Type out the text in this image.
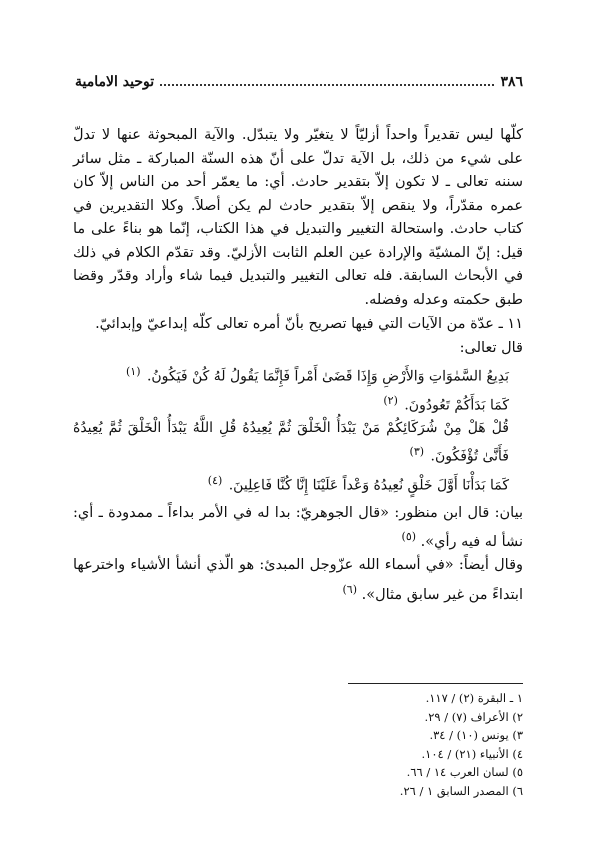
٣٨٦
توحيد الامامية

كلّها ليس تقديراً واحداً أزليّاً لا يتغيّر ولا يتبدّل. والآية المبحوثة عنها لا تدلّ على شيء من ذلك، بل الآية تدلّ على أنّ هذه السنّة المباركة ـ مثل سائر سننه تعالى ـ لا تكون إلاّ بتقدير حادث. أي: ما يعمّر أحد من الناس إلاّ كان عمره مقدّراً، ولا ينقص إلاّ بتقدير حادث لم يكن أصلاً. وكلا التقديرين في كتاب حادث. واستحالة التغيير والتبديل في هذا الكتاب، إنّما هو بناءً على ما قيل: إنّ المشيّة والإرادة عين العلم الثابت الأزليّ. وقد تقدّم الكلام في ذلك في الأبحاث السابقة. فله تعالى التغيير والتبديل فيما شاء وأراد وقدّر وقضا طبق حكمته وعدله وفضله.

١١ ـ عدّة من الآيات التي فيها تصريح بأنّ أمره تعالى كلّه إبداعيّ وإبدائيّ.

قال تعالى:

بَدِيعُ السَّمٰوَاتِ وَالأَرْضِ وَإِذَا قَضَىٰ أَمْراً فَإِنَّمَا يَقُولُ لَهُ كُنْ فَيَكُونُ. $^{(١)}$

كَمَا بَدَأَكُمْ تَعُودُونَ. $^{(٢)}$

قُلْ هَلْ مِنْ شُرَكَائِكُمْ مَنْ يَبْدَأُ الْخَلْقَ ثُمَّ يُعِيدُهُ قُلِ اللَّهُ يَبْدَأُ الْخَلْقَ ثُمَّ يُعِيدُهُ فَأَنَّىٰ تُؤْفَكُونَ. $^{(٣)}$

كَمَا بَدَأْنَا أَوَّلَ خَلْقٍ نُعِيدُهُ وَعْداً عَلَيْنَا إِنَّا كُنَّا فَاعِلِينَ. $^{(٤)}$

بيان: قال ابن منظور: «قال الجوهريّ: بدا له في الأمر بداءاً ـ ممدودة ـ أي: نشأ له فيه رأي». $^{(٥)}$

وقال أيضاً: «في أسماء الله عزّوجل المبدئ: هو الّذي أنشأ الأشياء واخترعها ابتداءً من غير سابق مثال». $^{(٦)}$

١ ـ البقرة (٢) / ١١٧.
٢) الأعراف (٧) / ٢٩.
٣) يونس (١٠) / ٣٤.
٤) الأنبياء (٢١) / ١٠٤.
٥) لسان العرب ١٤ / ٦٦.
٦) المصدر السابق ١ / ٢٦.
